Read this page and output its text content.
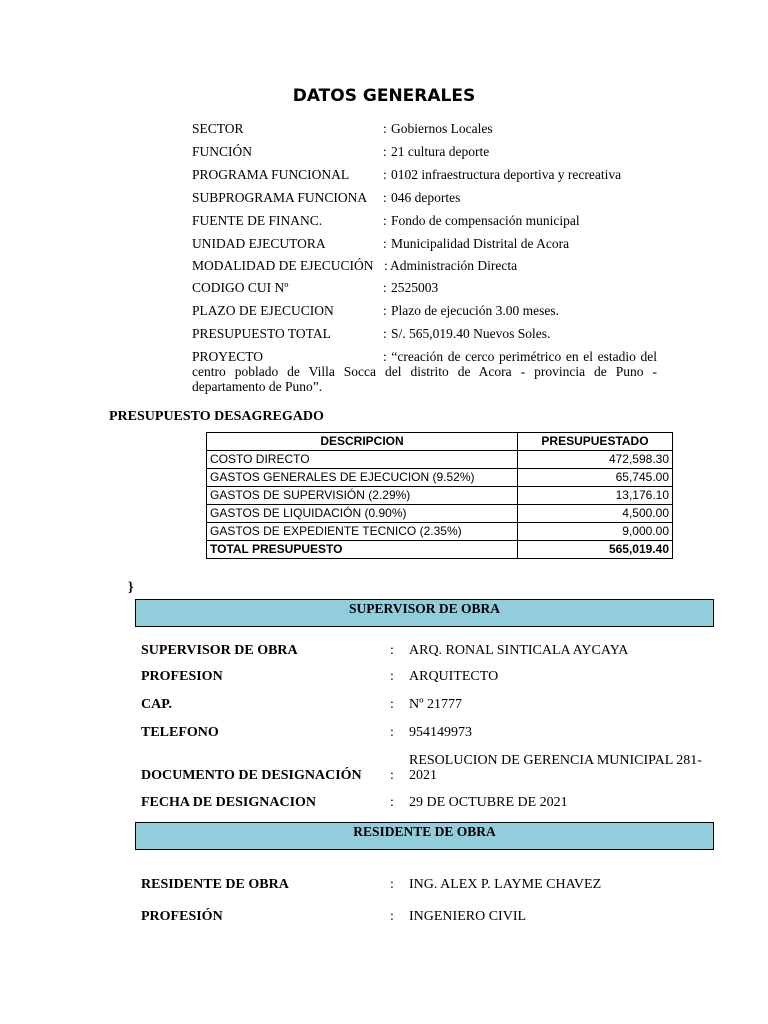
DATOS GENERALES
SECTOR	: Gobiernos Locales
FUNCIÓN	: 21 cultura deporte
PROGRAMA FUNCIONAL	: 0102 infraestructura deportiva y recreativa
SUBPROGRAMA FUNCIONA : 046 deportes
FUENTE DE FINANC.	: Fondo de compensación municipal
UNIDAD EJECUTORA	: Municipalidad Distrital de Acora
MODALIDAD DE EJECUCIÓN : Administración Directa
CODIGO CUI Nº	: 2525003
PLAZO DE EJECUCION	: Plazo de ejecución 3.00 meses.
PRESUPUESTO TOTAL	: S/. 565,019.40 Nuevos Soles.
PROYECTO	: “creación de cerco perimétrico en el estadio del centro poblado de Villa Socca del distrito de Acora - provincia de Puno - departamento de Puno”.
PRESUPUESTO DESAGREGADO
DESCRIPCION	PRESUPUESTADO
COSTO DIRECTO	472,598.30
GASTOS GENERALES DE EJECUCION (9.52%)	65,745.00
GASTOS DE SUPERVISIÓN (2.29%)	13,176.10
GASTOS DE LIQUIDACIÓN (0.90%)	4,500.00
GASTOS DE EXPEDIENTE TECNICO (2.35%)	9,000.00
TOTAL PRESUPUESTO	565,019.40
}
SUPERVISOR DE OBRA
SUPERVISOR DE OBRA	: ARQ. RONAL SINTICALA AYCAYA
PROFESION	: ARQUITECTO
CAP.	: Nº 21777
TELEFONO	: 954149973
DOCUMENTO DE DESIGNACIÓN :
RESOLUCION DE GERENCIA MUNICIPAL 281-2021
FECHA DE DESIGNACION	: 29 DE OCTUBRE DE 2021
RESIDENTE DE OBRA
RESIDENTE DE OBRA	: ING. ALEX P. LAYME CHAVEZ
PROFESIÓN	: INGENIERO CIVIL
